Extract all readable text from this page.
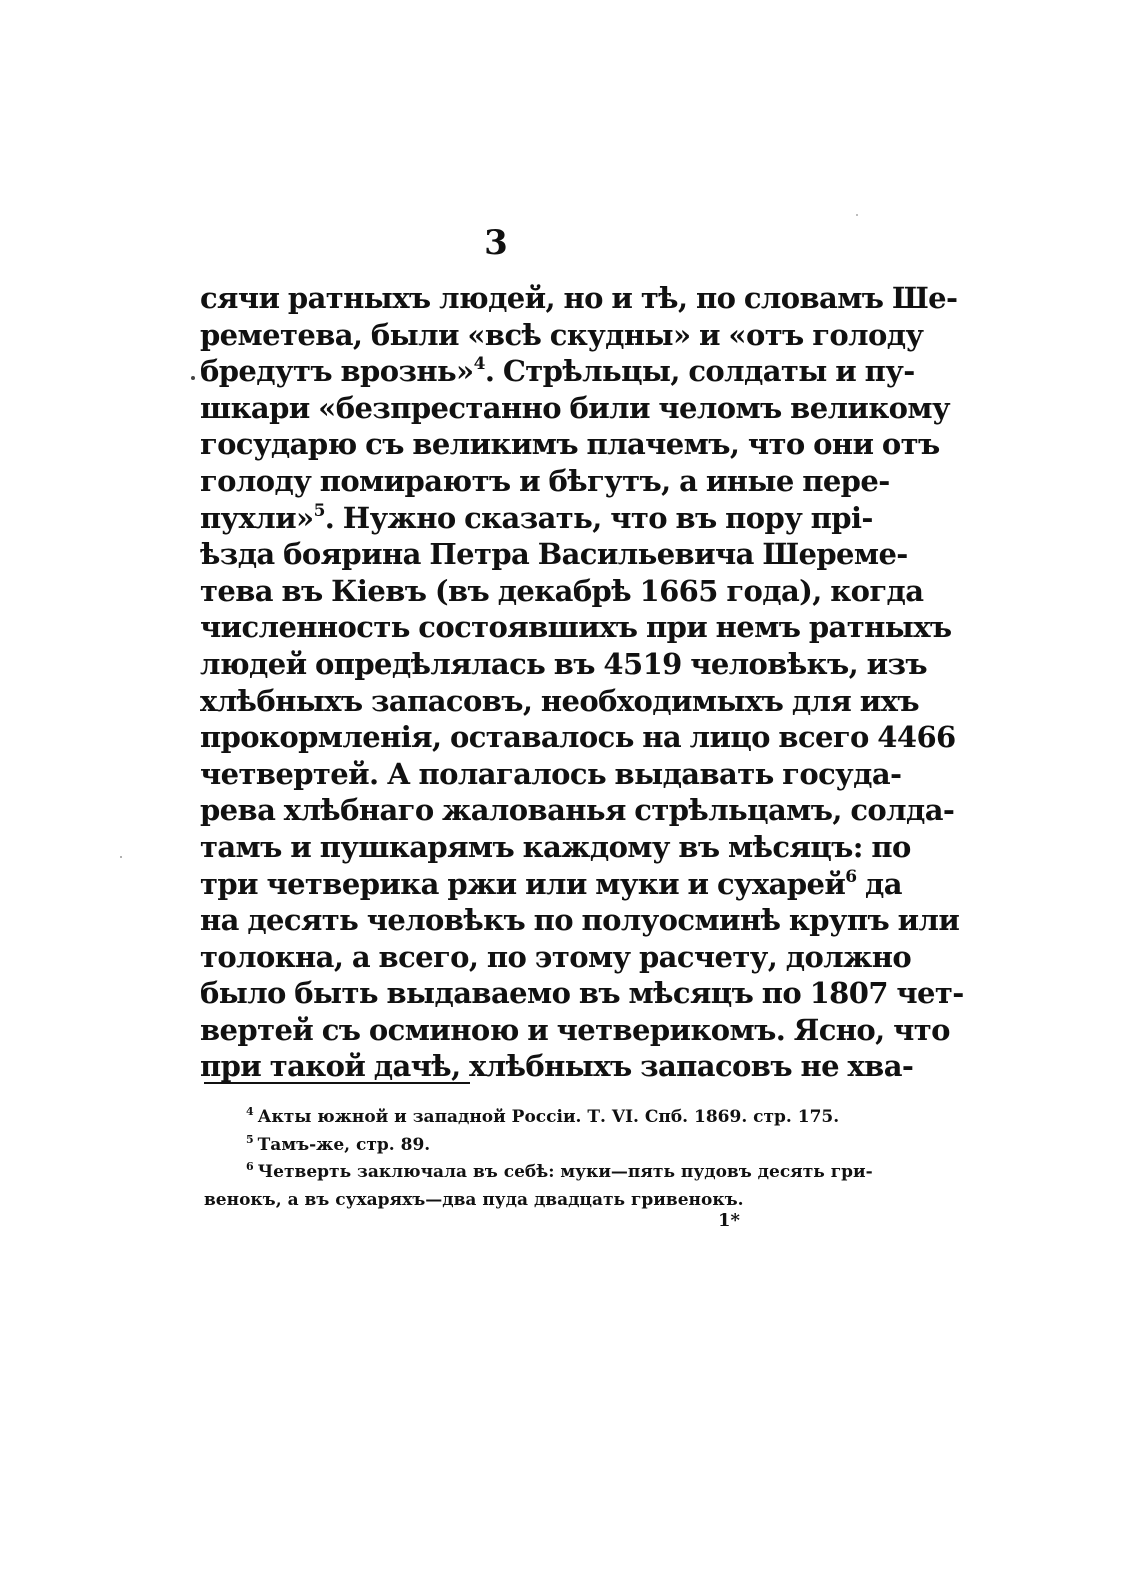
3
сячи ратныхъ людей, но и тѣ, по словамъ Ше-
реметева, были «всѣ скудны» и «отъ голоду
бредутъ врознь»$^4$. Стрѣльцы, солдаты и пу-
шкари «безпрестанно били челомъ великому
государю съ великимъ плачемъ, что они отъ
голоду помираютъ и бѣгутъ, а иные пере-
пухли»$^5$. Нужно сказать, что въ пору прі-
ѣзда боярина Петра Васильевича Шереме-
тева въ Кіевъ (въ декабрѣ 1665 года), когда
численность состоявшихъ при немъ ратныхъ
людей опредѣлялась въ 4519 человѣкъ, изъ
хлѣбныхъ запасовъ, необходимыхъ для ихъ
прокормленія, оставалось на лицо всего 4466
четвертей. А полагалось выдавать госуда-
рева хлѣбнаго жалованья стрѣльцамъ, солда-
тамъ и пушкарямъ каждому въ мѣсяцъ: по
три четверика ржи или муки и сухарей$^6$ да
на десять человѣкъ по полуосминѣ крупъ или
толокна, а всего, по этому расчету, должно
было быть выдаваемо въ мѣсяцъ по 1807 чет-
вертей съ осминою и четверикомъ. Ясно, что
при такой дачѣ, хлѣбныхъ запасовъ не хва-
$^4$ Акты южной и западной Россіи. Т. VI. Спб. 1869. стр. 175.
$^5$ Тамъ-же, стр. 89.
$^6$ Четверть заключала въ себѣ: муки—пять пудовъ десять гри-
венокъ, а въ сухаряхъ—два пуда двадцать гривенокъ.
1*
